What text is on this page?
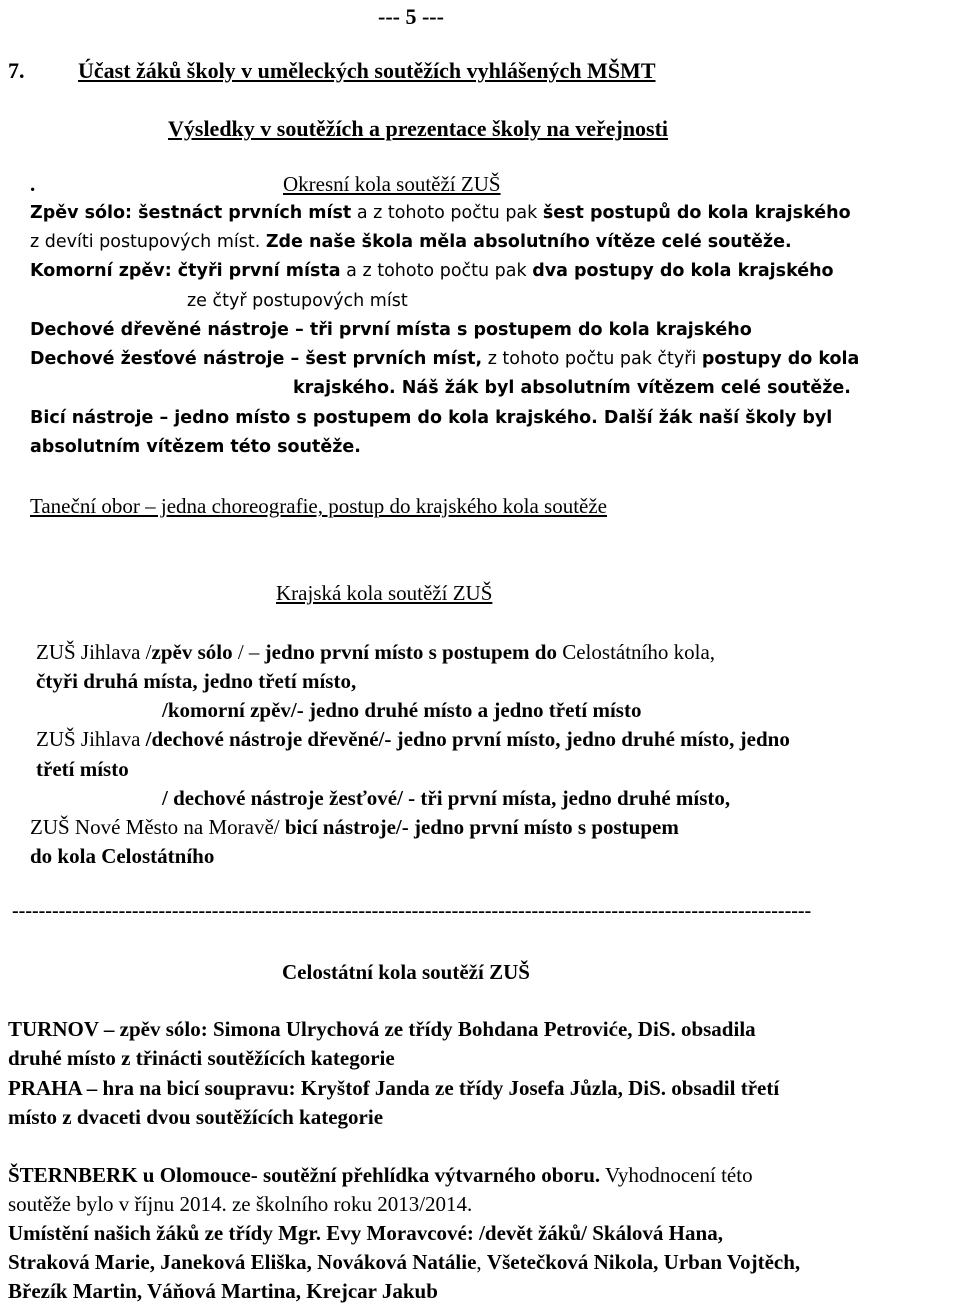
--- 5 ---
7. Účast žáků školy v uměleckých soutěžích vyhlášených MŠMT
Výsledky v soutěžích a prezentace školy na veřejnosti
.	Okresní kola soutěží ZUŠ
Zpěv sólo: šestnáct prvních míst a z tohoto počtu pak šest postupů do kola krajského
z devíti postupových míst. Zde naše škola měla absolutního vítěze celé soutěže.
Komorní zpěv: čtyři první místa a z tohoto počtu pak dva postupy do kola krajského
ze čtyř postupových míst
Dechové dřevěné nástroje – tři první místa s postupem do kola krajského
Dechové žesťové nástroje – šest prvních míst, z tohoto počtu pak čtyři postupy do kola
krajského. Náš žák byl absolutním vítězem celé soutěže.
Bicí nástroje – jedno místo s postupem do kola krajského. Další žák naší školy byl
absolutním vítězem této soutěže.
Taneční obor – jedna choreografie, postup do krajského kola soutěže
Krajská kola soutěží ZUŠ
ZUŠ Jihlava /zpěv sólo / – jedno první místo s postupem do Celostátního kola,
čtyři druhá místa, jedno třetí místo,
/komorní zpěv/- jedno druhé místo a jedno třetí místo
ZUŠ Jihlava /dechové nástroje dřevěné/- jedno první místo, jedno druhé místo, jedno
třetí místo
/ dechové nástroje žesťové/ - tři první místa, jedno druhé místo,
ZUŠ Nové Město na Moravě/ bicí nástroje/- jedno první místo s postupem
do kola Celostátního
------------------------------------------------------------------------------------------------------------------------
Celostátní kola soutěží ZUŠ
TURNOV – zpěv sólo: Simona Ulrychová ze třídy Bohdana Petroviće, DiS. obsadila
druhé místo z třinácti soutěžících kategorie
PRAHA – hra na bicí soupravu: Kryštof Janda ze třídy Josefa Jůzla, DiS. obsadil třetí
místo z dvaceti dvou soutěžících kategorie
ŠTERNBERK u Olomouce- soutěžní přehlídka výtvarného oboru. Vyhodnocení této
soutěže bylo v říjnu 2014. ze školního roku 2013/2014.
Umístění našich žáků ze třídy Mgr. Evy Moravcové: /devět žáků/ Skálová Hana,
Straková Marie, Janeková Eliška, Nováková Natálie, Všetečková Nikola, Urban Vojtěch,
Březík Martin, Váňová Martina, Krejcar Jakub
